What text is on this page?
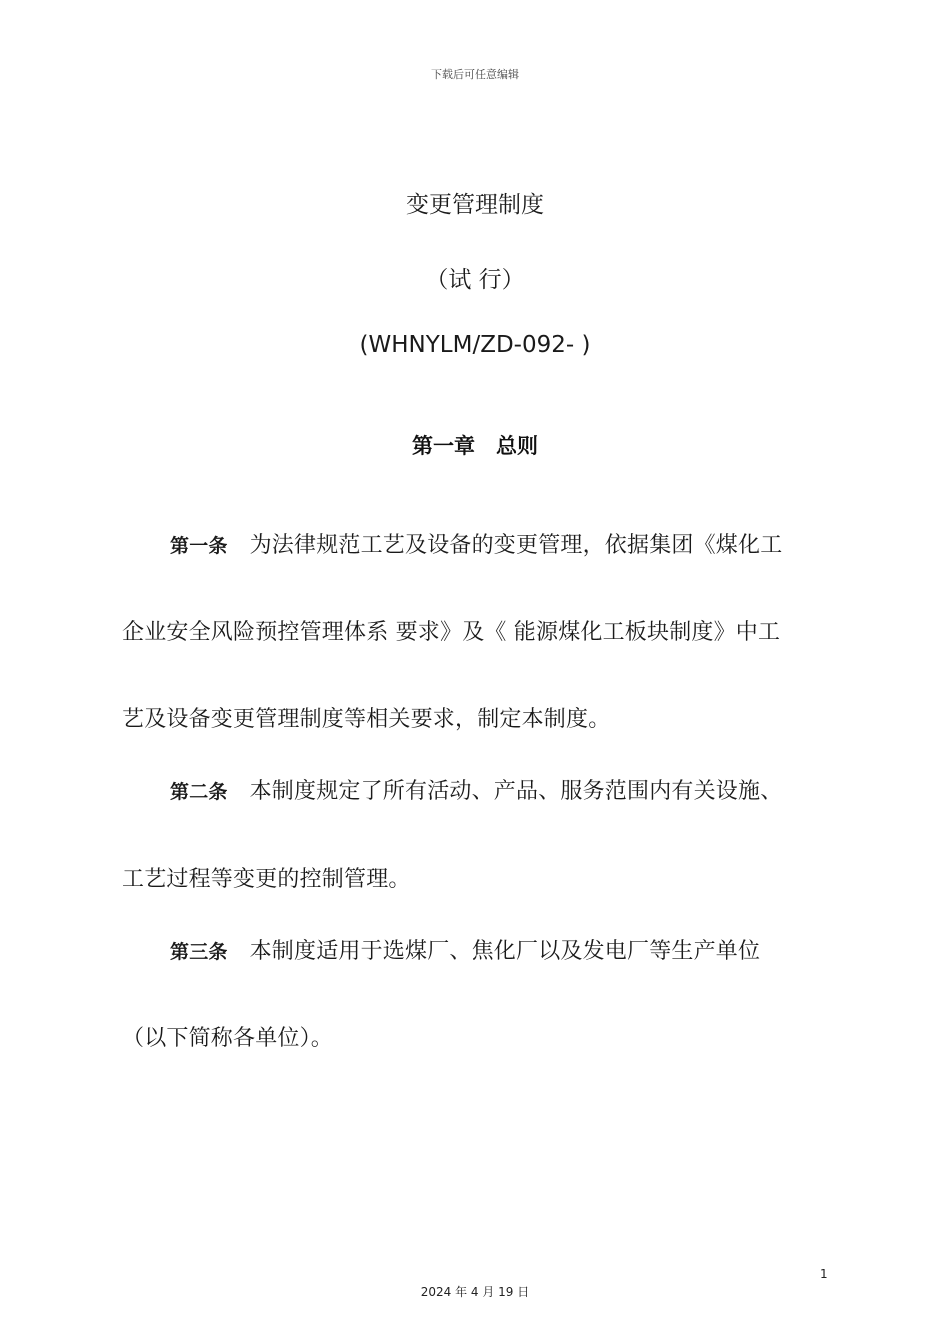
下载后可任意编辑
变更管理制度
（试 行）
(WHNYLM/ZD-092- )
第一章　总则
第一条 为法律规范工艺及设备的变更管理，依据集团《煤化工
企业安全风险预控管理体系 要求》及《 能源煤化工板块制度》中工
艺及设备变更管理制度等相关要求，制定本制度。
第二条 本制度规定了所有活动、产品、服务范围内有关设施、
工艺过程等变更的控制管理。
第三条 本制度适用于选煤厂、焦化厂以及发电厂等生产单位
（以下简称各单位）。
1
2024 年 4 月 19 日
